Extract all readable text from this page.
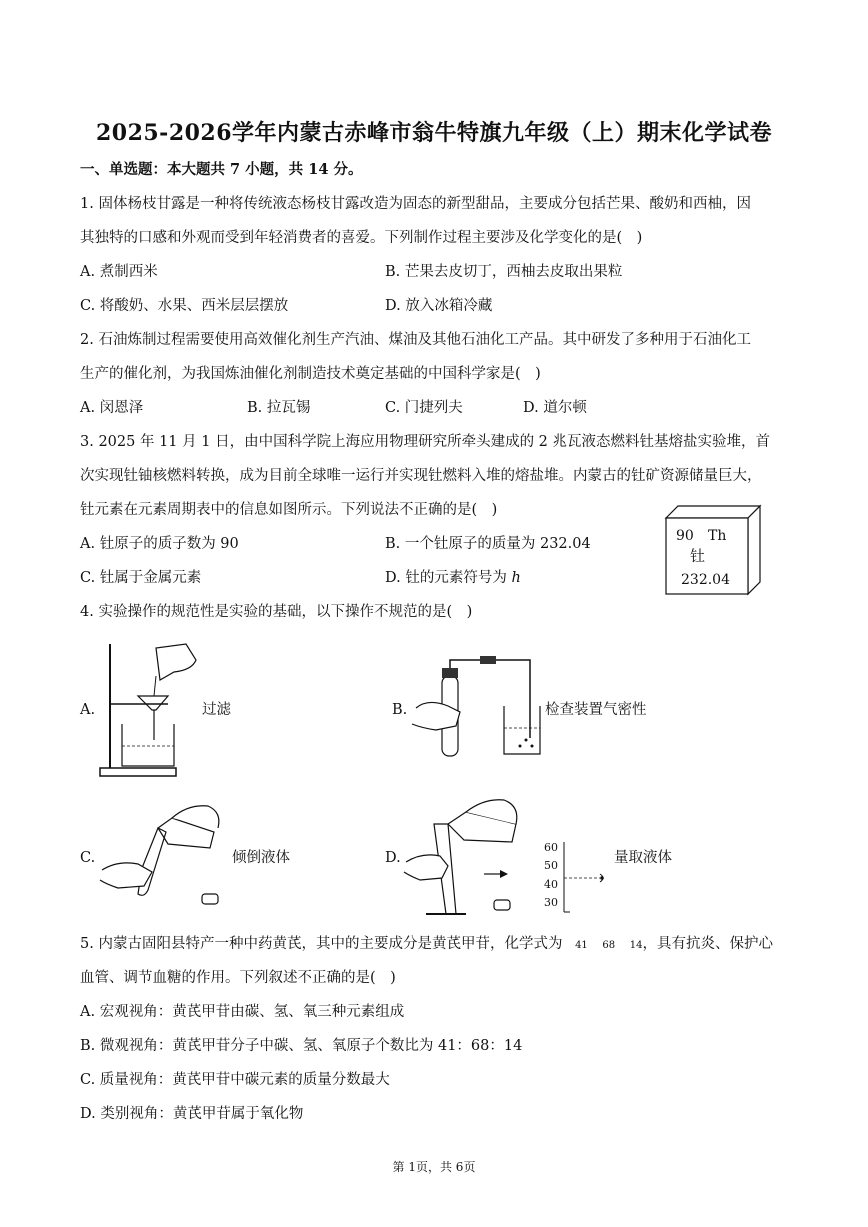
2025-2026学年内蒙古赤峰市翁牛特旗九年级（上）期末化学试卷
一、单选题：本大题共 7 小题，共 14 分。
1. 固体杨枝甘露是一种将传统液态杨枝甘露改造为固态的新型甜品，主要成分包括芒果、酸奶和西柚，因
其独特的口感和外观而受到年轻消费者的喜爱。下列制作过程主要涉及化学变化的是(　)
A. 煮制西米	B. 芒果去皮切丁，西柚去皮取出果粒
C. 将酸奶、水果、西米层层摆放	D. 放入冰箱冷藏
2. 石油炼制过程需要使用高效催化剂生产汽油、煤油及其他石油化工产品。其中研发了多种用于石油化工
生产的催化剂，为我国炼油催化剂制造技术奠定基础的中国科学家是(　)
A. 闵恩泽	B. 拉瓦锡	C. 门捷列夫	D. 道尔顿
3. 2025 年 11 月 1 日，由中国科学院上海应用物理研究所牵头建成的 2 兆瓦液态燃料钍基熔盐实验堆，首
次实现钍铀核燃料转换，成为目前全球唯一运行并实现钍燃料入堆的熔盐堆。内蒙古的钍矿资源储量巨大，
钍元素在元素周期表中的信息如图所示。下列说法不正确的是(　)
A. 钍原子的质子数为 90	B. 一个钍原子的质量为 232.04
C. 钍属于金属元素	D. 钍的元素符号为 h
90 Th
钍
232.04
4. 实验操作的规范性是实验的基础，以下操作不规范的是(　)
A.	过滤	B.	检查装置气密性
C.	倾倒液体	D.
60
50
40
30
量取液体
5. 内蒙古固阳县特产一种中药黄芪，其中的主要成分是黄芪甲苷，化学式为 41 68 14，具有抗炎、保护心
血管、调节血糖的作用。下列叙述不正确的是(　)
A. 宏观视角：黄芪甲苷由碳、氢、氧三种元素组成
B. 微观视角：黄芪甲苷分子中碳、氢、氧原子个数比为 41：68：14
C. 质量视角：黄芪甲苷中碳元素的质量分数最大
D. 类别视角：黄芪甲苷属于氧化物
第 1页，共 6页
